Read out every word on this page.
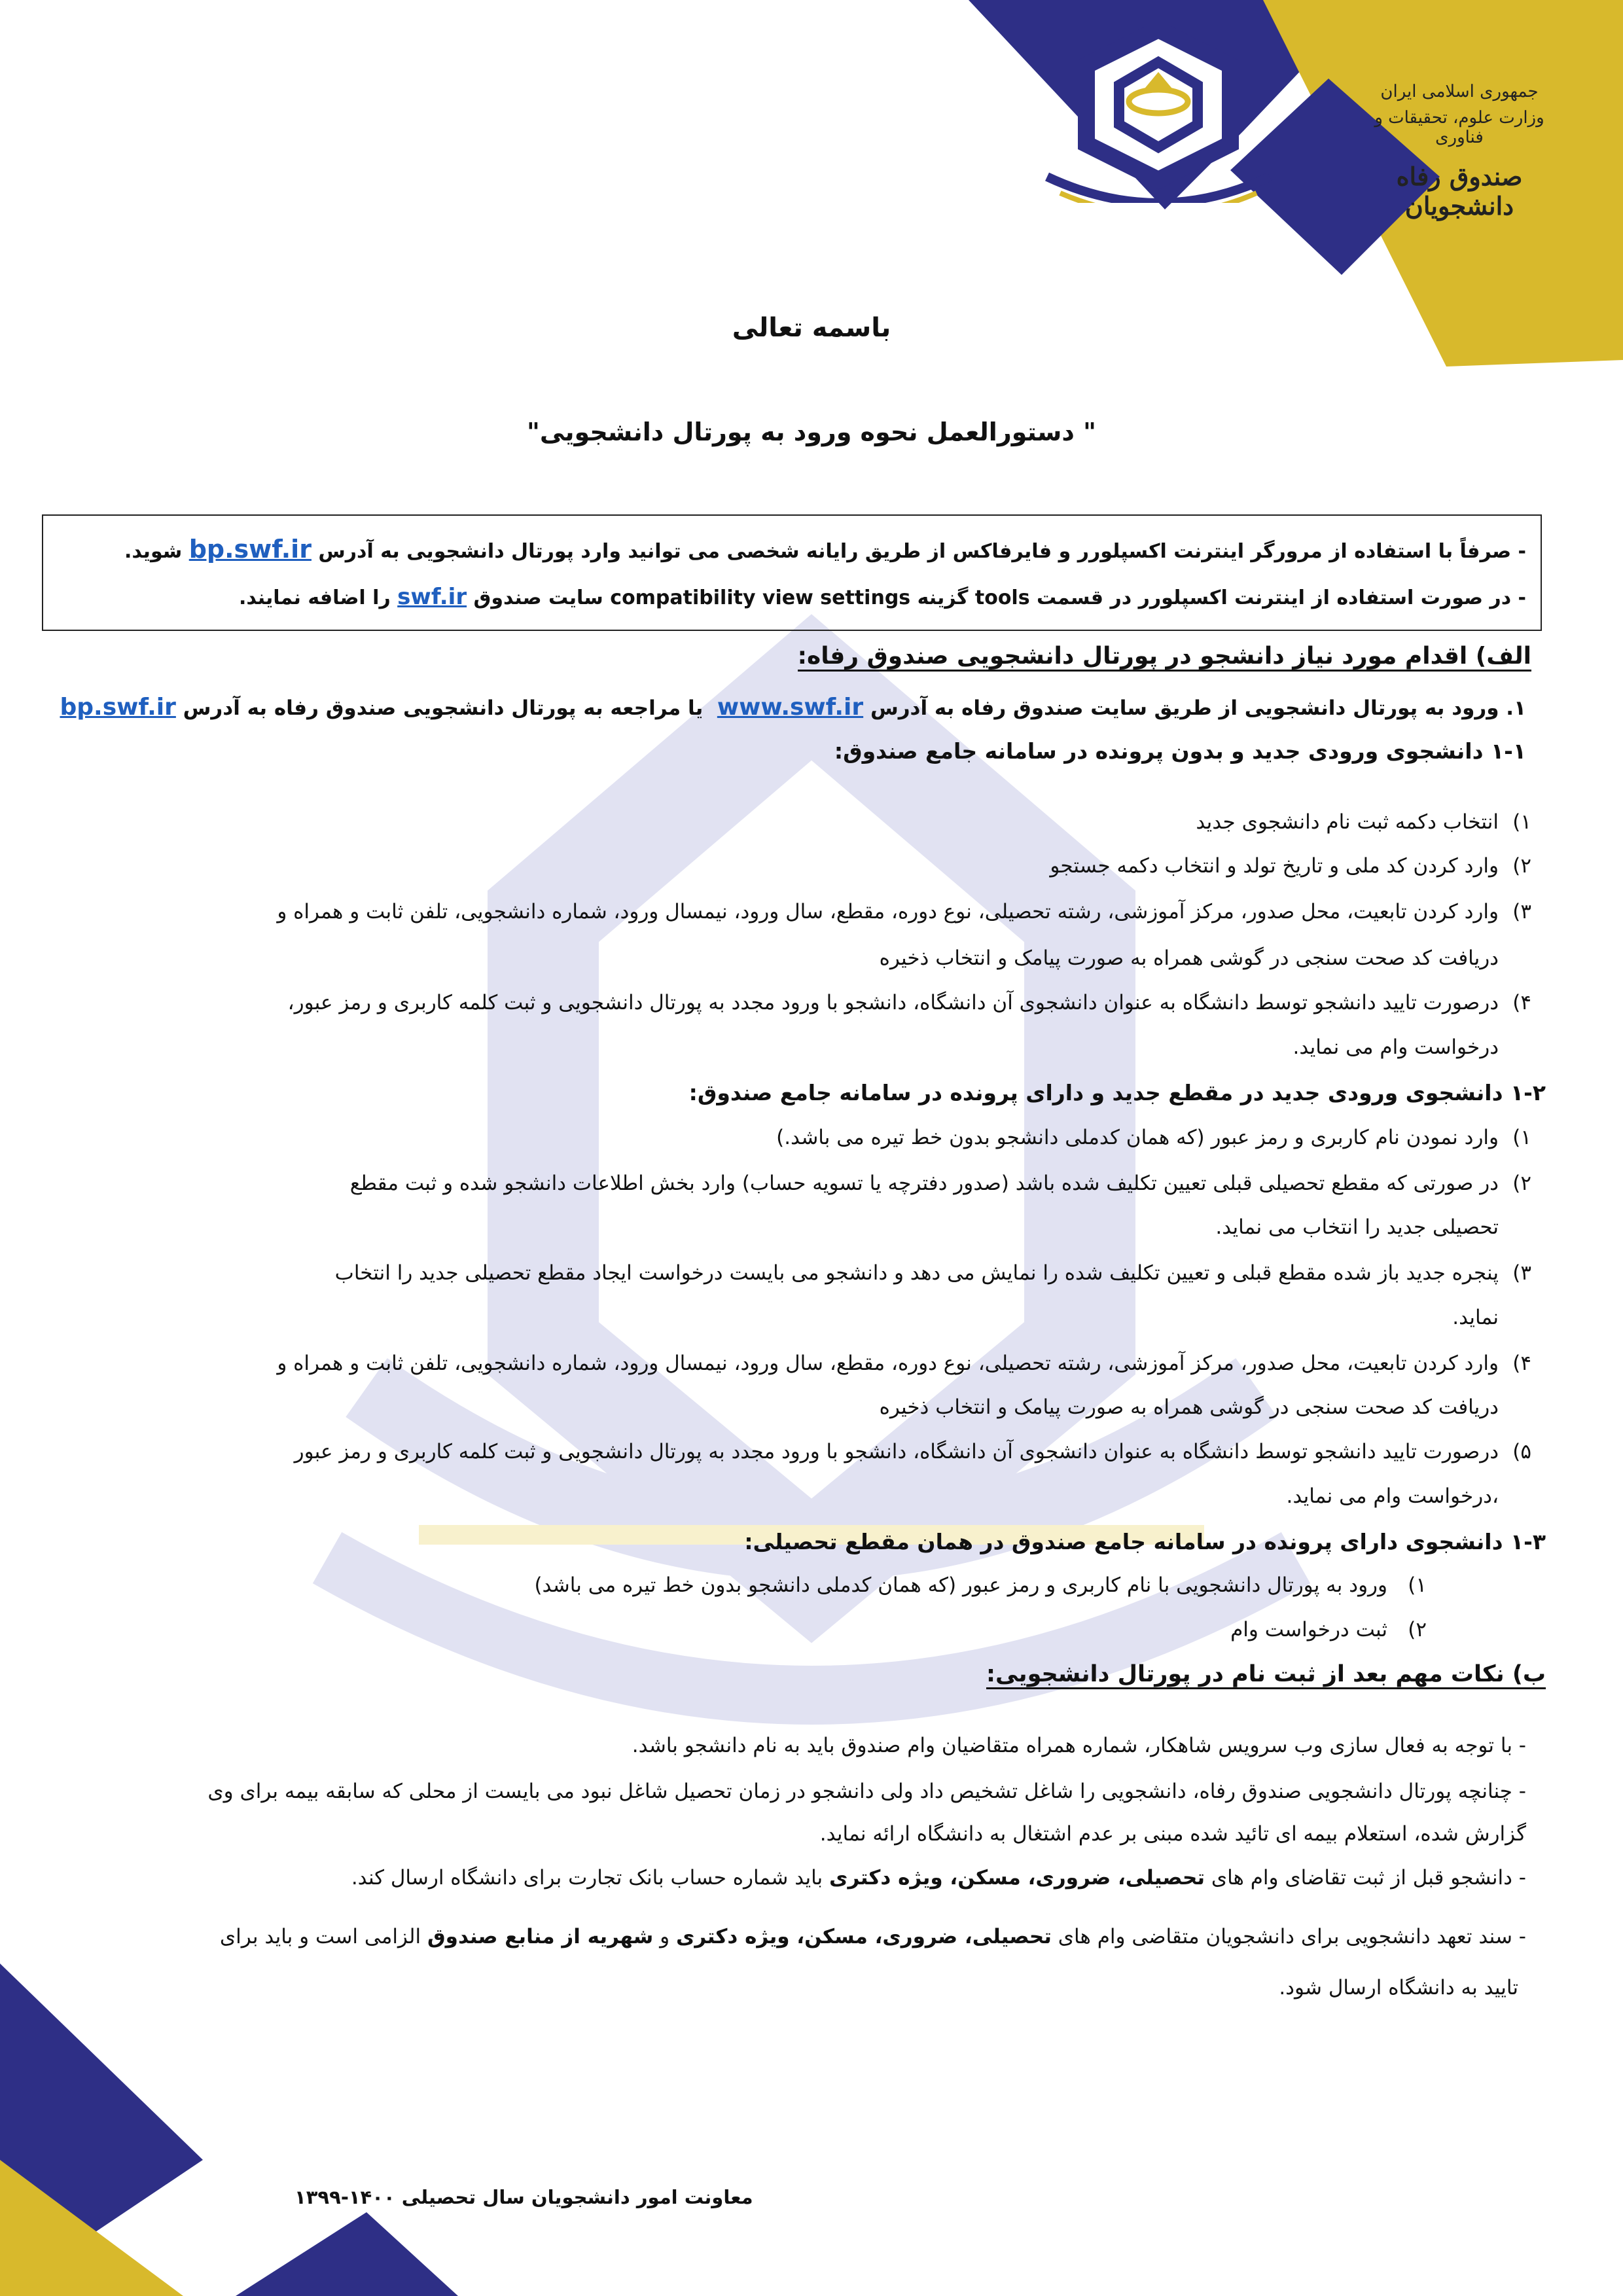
جمهوری اسلامی ایران
وزارت علوم، تحقیقات و فناوری
صندوق رفاه دانشجویان
باسمه تعالی
" دستورالعمل نحوه ورود به پورتال دانشجویی"
- صرفاً با استفاده از مرورگر اینترنت اکسپلورر و فایرفاکس از طریق رایانه شخصی می توانید وارد پورتال دانشجویی به آدرس bp.swf.ir شوید.
- در صورت استفاده از اینترنت اکسپلورر در قسمت tools گزینه compatibility view settings سایت صندوق swf.ir را اضافه نمایند.
الف) اقدام مورد نیاز دانشجو در پورتال دانشجویی صندوق رفاه:
۱. ورود به پورتال دانشجویی از طریق سایت صندوق رفاه به آدرس www.swf.ir  یا مراجعه به پورتال دانشجویی صندوق رفاه به آدرس bp.swf.ir
۱-۱ دانشجوی ورودی جدید و بدون پرونده در سامانه جامع صندوق:
۱)
انتخاب دکمه ثبت نام دانشجوی جدید
۲)
وارد کردن کد ملی و تاریخ تولد و انتخاب دکمه جستجو
۳)
وارد کردن تابعیت، محل صدور، مرکز آموزشی، رشته تحصیلی، نوع دوره، مقطع، سال ورود، نیمسال ورود، شماره دانشجویی، تلفن ثابت و همراه و
دریافت کد صحت سنجی در گوشی همراه به صورت پیامک و انتخاب ذخیره
۴)
درصورت تایید دانشجو توسط دانشگاه به عنوان دانشجوی آن دانشگاه، دانشجو با ورود مجدد به پورتال دانشجویی و ثبت کلمه کاربری و رمز عبور،
درخواست وام می نماید.
۱-۲ دانشجوی ورودی جدید در مقطع جدید و دارای پرونده در سامانه جامع صندوق:
۱)
وارد نمودن نام کاربری و رمز عبور (که همان کدملی دانشجو بدون خط تیره می باشد.)
۲)
در صورتی که مقطع تحصیلی قبلی تعیین تکلیف شده باشد (صدور دفترچه یا تسویه حساب) وارد بخش اطلاعات دانشجو شده و ثبت مقطع
تحصیلی جدید را انتخاب می نماید.
۳)
پنجره جدید باز شده مقطع قبلی و تعیین تکلیف شده را نمایش می دهد و دانشجو می بایست درخواست ایجاد مقطع تحصیلی جدید را انتخاب
نماید.
۴)
وارد کردن تابعیت، محل صدور، مرکز آموزشی، رشته تحصیلی، نوع دوره، مقطع، سال ورود، نیمسال ورود، شماره دانشجویی، تلفن ثابت و همراه و
دریافت کد صحت سنجی در گوشی همراه به صورت پیامک و انتخاب ذخیره
۵)
درصورت تایید دانشجو توسط دانشگاه به عنوان دانشجوی آن دانشگاه، دانشجو با ورود مجدد به پورتال دانشجویی و ثبت کلمه کاربری و رمز عبور
،درخواست وام می نماید.
۱-۳ دانشجوی دارای پرونده در سامانه جامع صندوق در همان مقطع تحصیلی:
۱)
ورود به پورتال دانشجویی با نام کاربری و رمز عبور (که همان کدملی دانشجو بدون خط تیره می باشد)
۲)
ثبت درخواست وام
ب) نکات مهم بعد از ثبت نام در پورتال دانشجویی:
- با توجه به فعال سازی وب سرویس شاهکار، شماره همراه متقاضیان وام صندوق باید به نام دانشجو باشد.
- چنانچه پورتال دانشجویی صندوق رفاه، دانشجویی را شاغل تشخیص داد ولی دانشجو در زمان تحصیل شاغل نبود می بایست از محلی که سابقه بیمه برای وی
گزارش شده، استعلام بیمه ای تائید شده مبنی بر عدم اشتغال به دانشگاه ارائه نماید.
- دانشجو قبل از ثبت تقاضای وام های تحصیلی، ضروری، مسکن، ویژه دکتری باید شماره حساب بانک تجارت برای دانشگاه ارسال کند.
- سند تعهد دانشجویی برای دانشجویان متقاضی وام های تحصیلی، ضروری، مسکن، ویژه دکتری و شهریه از منابع صندوق الزامی است و باید برای
تایید به دانشگاه ارسال شود.
معاونت امور دانشجویان سال تحصیلی ۱۴۰۰-۱۳۹۹
